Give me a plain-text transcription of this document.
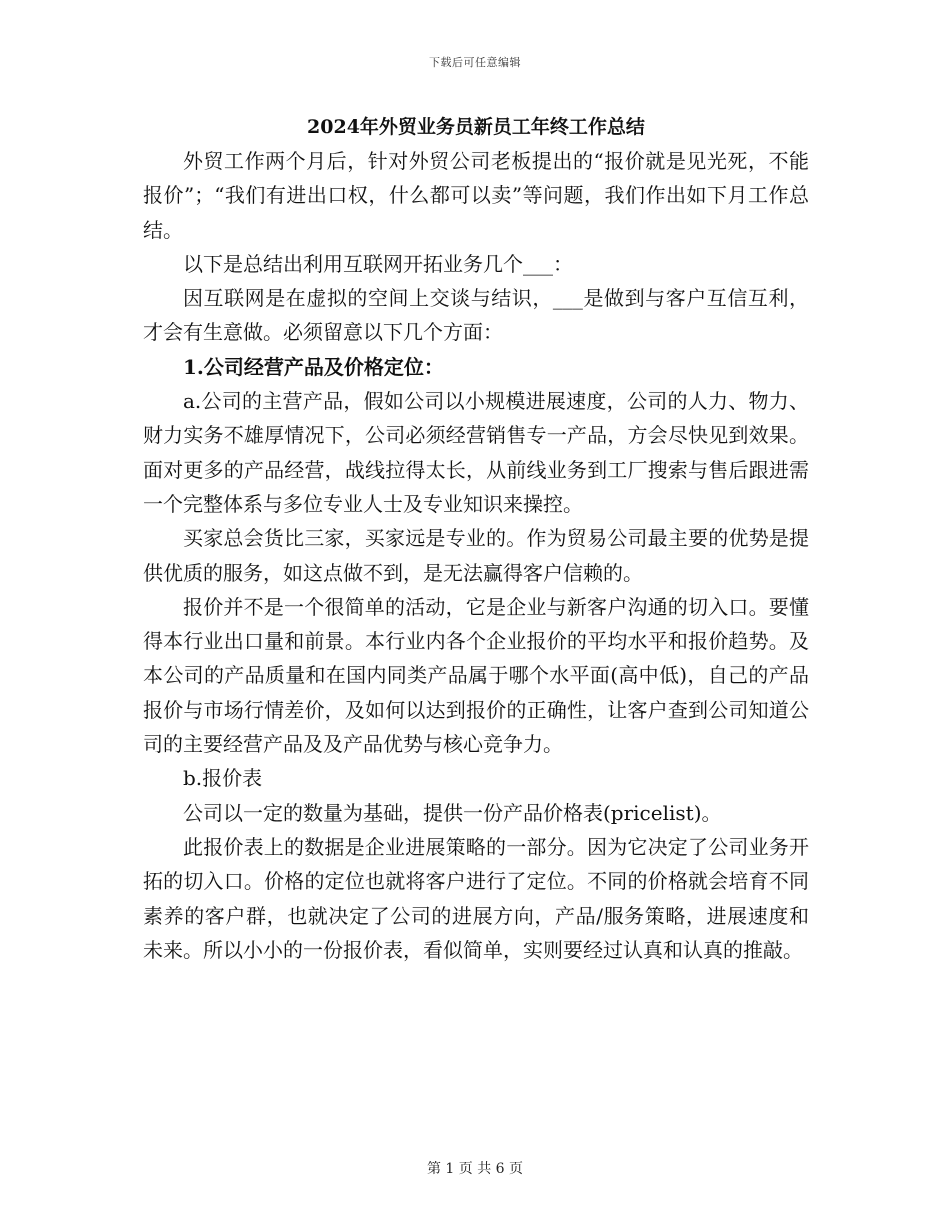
下载后可任意编辑
2024年外贸业务员新员工年终工作总结

外贸工作两个月后，针对外贸公司老板提出的“报价就是见光死，不能报价”；“我们有进出口权，什么都可以卖”等问题，我们作出如下月工作总结。

以下是总结出利用互联网开拓业务几个___：

因互联网是在虚拟的空间上交谈与结识，___是做到与客户互信互利，才会有生意做。必须留意以下几个方面：

1.公司经营产品及价格定位：

a.公司的主营产品，假如公司以小规模进展速度，公司的人力、物力、财力实务不雄厚情况下，公司必须经营销售专一产品，方会尽快见到效果。面对更多的产品经营，战线拉得太长，从前线业务到工厂搜索与售后跟进需一个完整体系与多位专业人士及专业知识来操控。

买家总会货比三家，买家远是专业的。作为贸易公司最主要的优势是提供优质的服务，如这点做不到，是无法赢得客户信赖的。

报价并不是一个很简单的活动，它是企业与新客户沟通的切入口。要懂得本行业出口量和前景。本行业内各个企业报价的平均水平和报价趋势。及本公司的产品质量和在国内同类产品属于哪个水平面(高中低)，自己的产品报价与市场行情差价，及如何以达到报价的正确性，让客户查到公司知道公司的主要经营产品及及产品优势与核心竞争力。

b.报价表

公司以一定的数量为基础，提供一份产品价格表(pricelist)。

此报价表上的数据是企业进展策略的一部分。因为它决定了公司业务开拓的切入口。价格的定位也就将客户进行了定位。不同的价格就会培育不同素养的客户群，也就决定了公司的进展方向，产品/服务策略，进展速度和未来。所以小小的一份报价表，看似简单，实则要经过认真和认真的推敲。

第 1 页 共 6 页
